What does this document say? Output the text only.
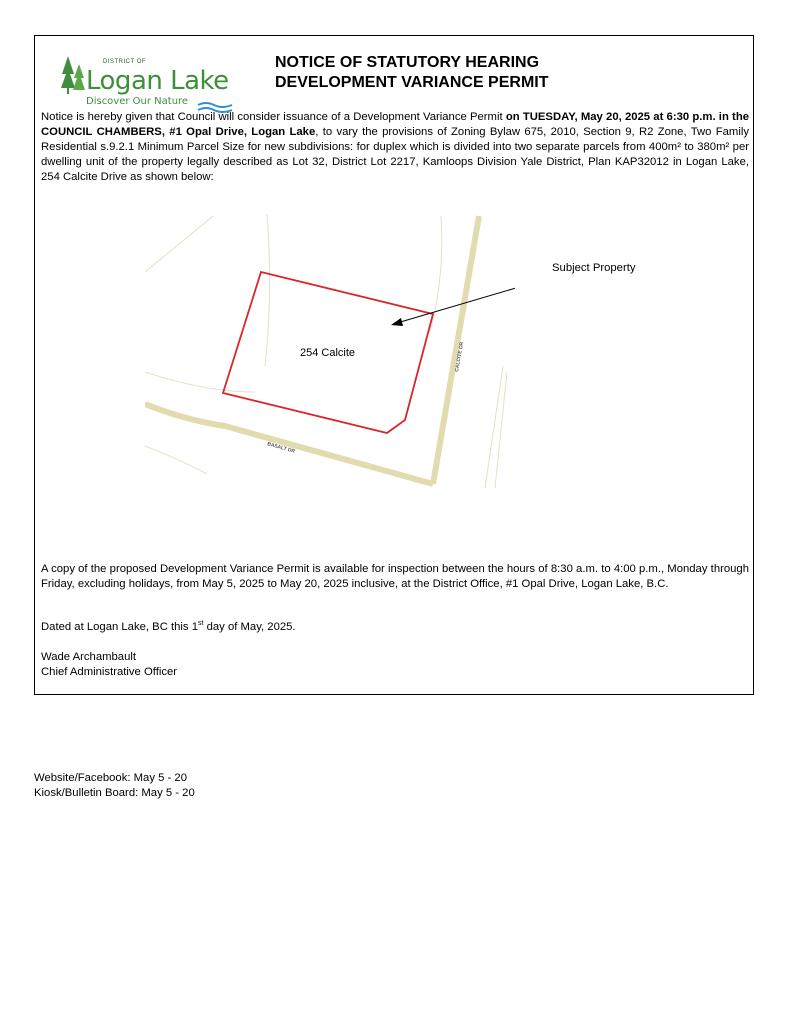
DISTRICT OF
Logan Lake
Discover Our Nature
NOTICE OF STATUTORY HEARING
DEVELOPMENT VARIANCE PERMIT
Notice is hereby given that Council will consider issuance of a Development Variance Permit on TUESDAY, May 20, 2025 at 6:30 p.m. in the COUNCIL CHAMBERS, #1 Opal Drive, Logan Lake, to vary the provisions of Zoning Bylaw 675, 2010, Section 9, R2 Zone, Two Family Residential s.9.2.1 Minimum Parcel Size for new subdivisions: for duplex which is divided into two separate parcels from 400m² to 380m² per dwelling unit of the property legally described as Lot 32, District Lot 2217, Kamloops Division Yale District, Plan KAP32012 in Logan Lake, 254 Calcite Drive as shown below:
CALCITE DR
BASALT DR
254 Calcite
Subject Property
A copy of the proposed Development Variance Permit is available for inspection between the hours of 8:30 a.m. to 4:00 p.m., Monday through Friday, excluding holidays, from May 5, 2025 to May 20, 2025 inclusive, at the District Office, #1 Opal Drive, Logan Lake, B.C.
Dated at Logan Lake, BC this 1st day of May, 2025.
Wade Archambault
Chief Administrative Officer
Website/Facebook: May 5 - 20
Kiosk/Bulletin Board: May 5 - 20
